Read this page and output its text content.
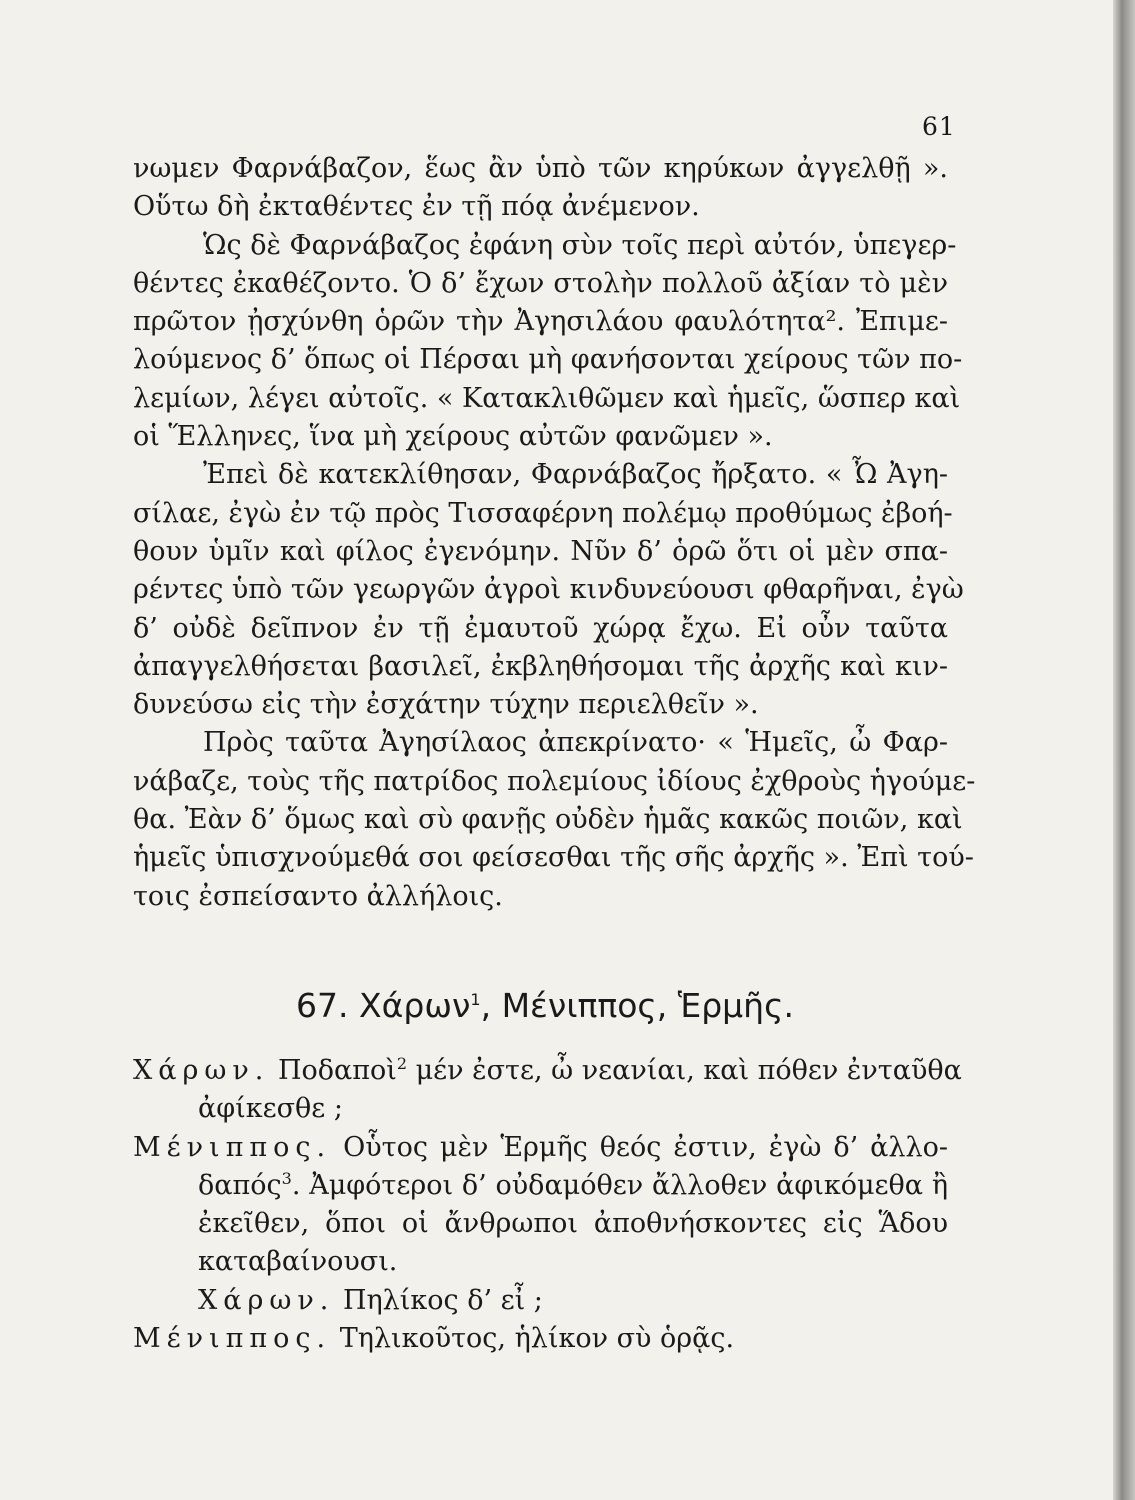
61
νωμεν Φαρνάβαζον, ἕως ἂν ὑπὸ τῶν κηρύκων ἀγγελθῇ ».
Οὕτω δὴ ἐκταθέντες ἐν τῇ πόᾳ ἀνέμενον.
Ὡς δὲ Φαρνάβαζος ἐφάνη σὺν τοῖς περὶ αὐτόν, ὑπεγερ-
θέντες ἐκαθέζοντο. Ὁ δ’ ἔχων στολὴν πολλοῦ ἀξίαν τὸ μὲν
πρῶτον ᾐσχύνθη ὁρῶν τὴν Ἀγησιλάου φαυλότητα². Ἐπιμε-
λούμενος δ’ ὅπως οἱ Πέρσαι μὴ φανήσονται χείρους τῶν πο-
λεμίων, λέγει αὐτοῖς. « Κατακλιθῶμεν καὶ ἡμεῖς, ὥσπερ καὶ
οἱ Ἕλληνες, ἵνα μὴ χείρους αὐτῶν φανῶμεν ».
Ἐπεὶ δὲ κατεκλίθησαν, Φαρνάβαζος ἤρξατο. « Ὦ Ἀγη-
σίλαε, ἐγὼ ἐν τῷ πρὸς Τισσαφέρνη πολέμῳ προθύμως ἐβοή-
θουν ὑμῖν καὶ φίλος ἐγενόμην. Νῦν δ’ ὁρῶ ὅτι οἱ μὲν σπα-
ρέντες ὑπὸ τῶν γεωργῶν ἀγροὶ κινδυνεύουσι φθαρῆναι, ἐγὼ
δ’ οὐδὲ δεῖπνον ἐν τῇ ἐμαυτοῦ χώρᾳ ἔχω. Εἰ οὖν ταῦτα
ἀπαγγελθήσεται βασιλεῖ, ἐκβληθήσομαι τῆς ἀρχῆς καὶ κιν-
δυνεύσω εἰς τὴν ἐσχάτην τύχην περιελθεῖν ».
Πρὸς ταῦτα Ἀγησίλαος ἀπεκρίνατο· « Ἡμεῖς, ὦ Φαρ-
νάβαζε, τοὺς τῆς πατρίδος πολεμίους ἰδίους ἐχθροὺς ἡγούμε-
θα. Ἐὰν δ’ ὅμως καὶ σὺ φανῇς οὐδὲν ἡμᾶς κακῶς ποιῶν, καὶ
ἡμεῖς ὑπισχνούμεθά σοι φείσεσθαι τῆς σῆς ἀρχῆς ». Ἐπὶ τού-
τοις ἐσπείσαντο ἀλλήλοις.
67. Χάρων$^1$, Μένιππος, Ἑρμῆς.
Χάρων. Ποδαποὶ$^2$ μέν ἐστε, ὦ νεανίαι, καὶ πόθεν ἐνταῦθα
ἀφίκεσθε ;
Μένιππος. Οὗτος μὲν Ἑρμῆς θεός ἐστιν, ἐγὼ δ’ ἀλλο-
δαπός$^3$. Ἀμφότεροι δ’ οὐδαμόθεν ἄλλοθεν ἀφικόμεθα ἢ
ἐκεῖθεν, ὅποι οἱ ἄνθρωποι ἀποθνήσκοντες εἰς Ἅδου
καταβαίνουσι.
Χάρων. Πηλίκος δ’ εἶ ;
Μένιππος. Τηλικοῦτος, ἡλίκον σὺ ὁρᾷς.
